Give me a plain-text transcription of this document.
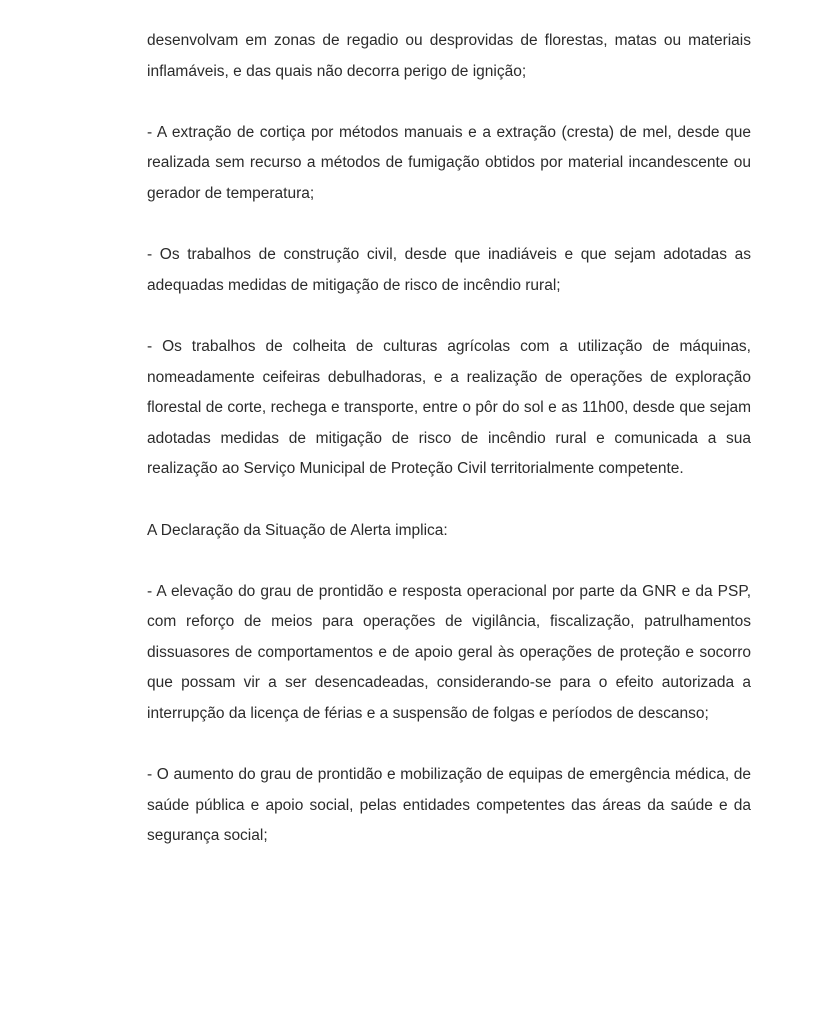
desenvolvam em zonas de regadio ou desprovidas de florestas, matas ou materiais inflamáveis, e das quais não decorra perigo de ignição;

- A extração de cortiça por métodos manuais e a extração (cresta) de mel, desde que realizada sem recurso a métodos de fumigação obtidos por material incandescente ou gerador de temperatura;

- Os trabalhos de construção civil, desde que inadiáveis e que sejam adotadas as adequadas medidas de mitigação de risco de incêndio rural;

- Os trabalhos de colheita de culturas agrícolas com a utilização de máquinas, nomeadamente ceifeiras debulhadoras, e a realização de operações de exploração florestal de corte, rechega e transporte, entre o pôr do sol e as 11h00, desde que sejam adotadas medidas de mitigação de risco de incêndio rural e comunicada a sua realização ao Serviço Municipal de Proteção Civil territorialmente competente.

A Declaração da Situação de Alerta implica:

- A elevação do grau de prontidão e resposta operacional por parte da GNR e da PSP, com reforço de meios para operações de vigilância, fiscalização, patrulhamentos dissuasores de comportamentos e de apoio geral às operações de proteção e socorro que possam vir a ser desencadeadas, considerando-se para o efeito autorizada a interrupção da licença de férias e a suspensão de folgas e períodos de descanso;

- O aumento do grau de prontidão e mobilização de equipas de emergência médica, de saúde pública e apoio social, pelas entidades competentes das áreas da saúde e da segurança social;
